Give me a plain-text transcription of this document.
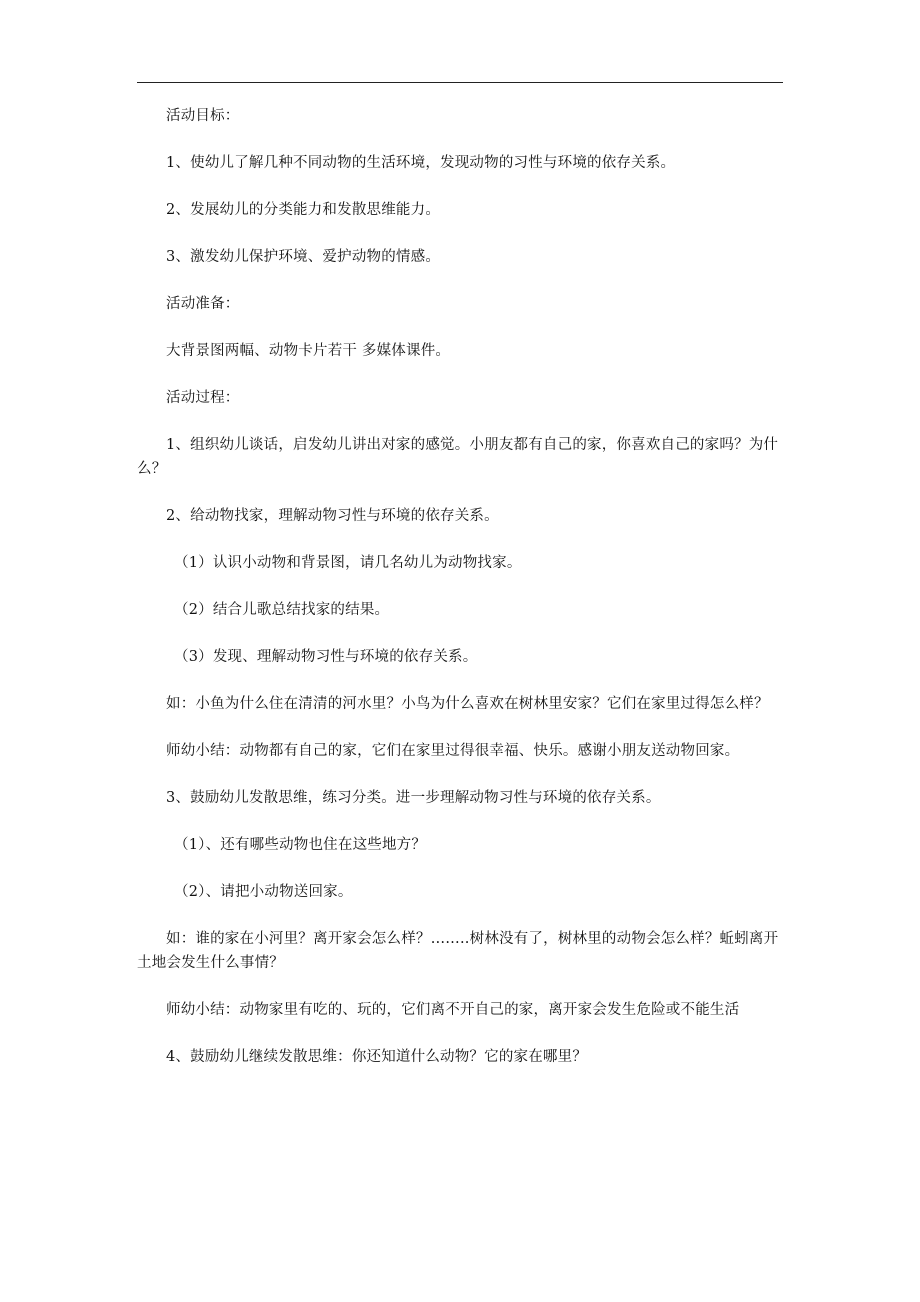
活动目标：

1、使幼儿了解几种不同动物的生活环境，发现动物的习性与环境的依存关系。

2、发展幼儿的分类能力和发散思维能力。

3、激发幼儿保护环境、爱护动物的情感。

活动准备：

大背景图两幅、动物卡片若干 多媒体课件。

活动过程：

1、组织幼儿谈话，启发幼儿讲出对家的感觉。小朋友都有自己的家，你喜欢自己的家吗？为什么？

2、给动物找家，理解动物习性与环境的依存关系。

（1）认识小动物和背景图，请几名幼儿为动物找家。

（2）结合儿歌总结找家的结果。

（3）发现、理解动物习性与环境的依存关系。

如：小鱼为什么住在清清的河水里？小鸟为什么喜欢在树林里安家？它们在家里过得怎么样？

师幼小结：动物都有自己的家，它们在家里过得很幸福、快乐。感谢小朋友送动物回家。

3、鼓励幼儿发散思维，练习分类。进一步理解动物习性与环境的依存关系。

（1）、还有哪些动物也住在这些地方？

（2）、请把小动物送回家。

如：谁的家在小河里？离开家会怎么样？……..树林没有了，树林里的动物会怎么样？蚯蚓离开土地会发生什么事情？

师幼小结：动物家里有吃的、玩的，它们离不开自己的家，离开家会发生危险或不能生活

4、鼓励幼儿继续发散思维：你还知道什么动物？它的家在哪里？
